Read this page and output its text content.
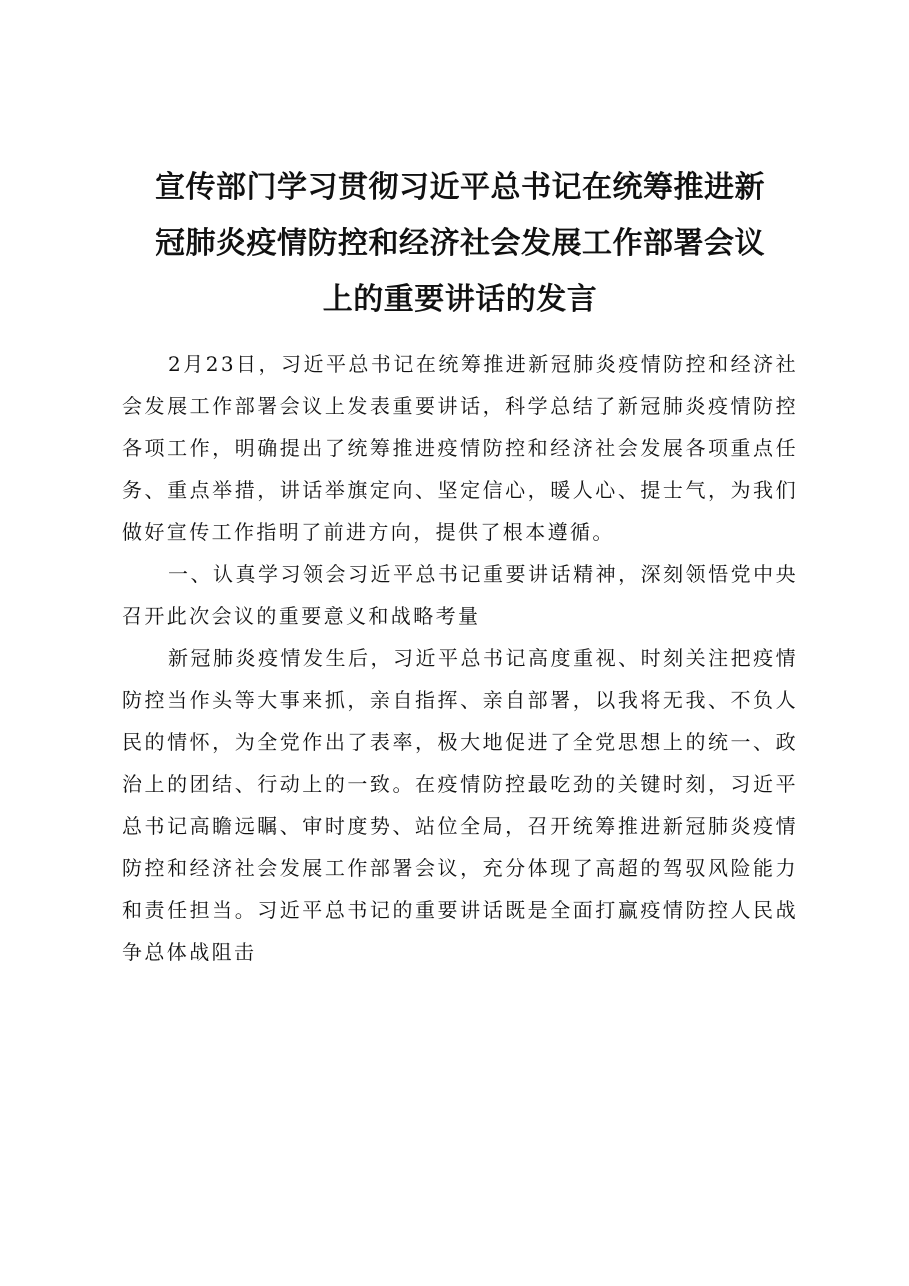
宣传部门学习贯彻习近平总书记在统筹推进新
冠肺炎疫情防控和经济社会发展工作部署会议
上的重要讲话的发言

2月23日，习近平总书记在统筹推进新冠肺炎疫情防控和经济社会发展工作部署会议上发表重要讲话，科学总结了新冠肺炎疫情防控各项工作，明确提出了统筹推进疫情防控和经济社会发展各项重点任务、重点举措，讲话举旗定向、坚定信心，暖人心、提士气，为我们做好宣传工作指明了前进方向，提供了根本遵循。

一、认真学习领会习近平总书记重要讲话精神，深刻领悟党中央召开此次会议的重要意义和战略考量

新冠肺炎疫情发生后，习近平总书记高度重视、时刻关注把疫情防控当作头等大事来抓，亲自指挥、亲自部署，以我将无我、不负人民的情怀，为全党作出了表率，极大地促进了全党思想上的统一、政治上的团结、行动上的一致。在疫情防控最吃劲的关键时刻，习近平总书记高瞻远瞩、审时度势、站位全局，召开统筹推进新冠肺炎疫情防控和经济社会发展工作部署会议，充分体现了高超的驾驭风险能力和责任担当。习近平总书记的重要讲话既是全面打赢疫情防控人民战争总体战阻击
